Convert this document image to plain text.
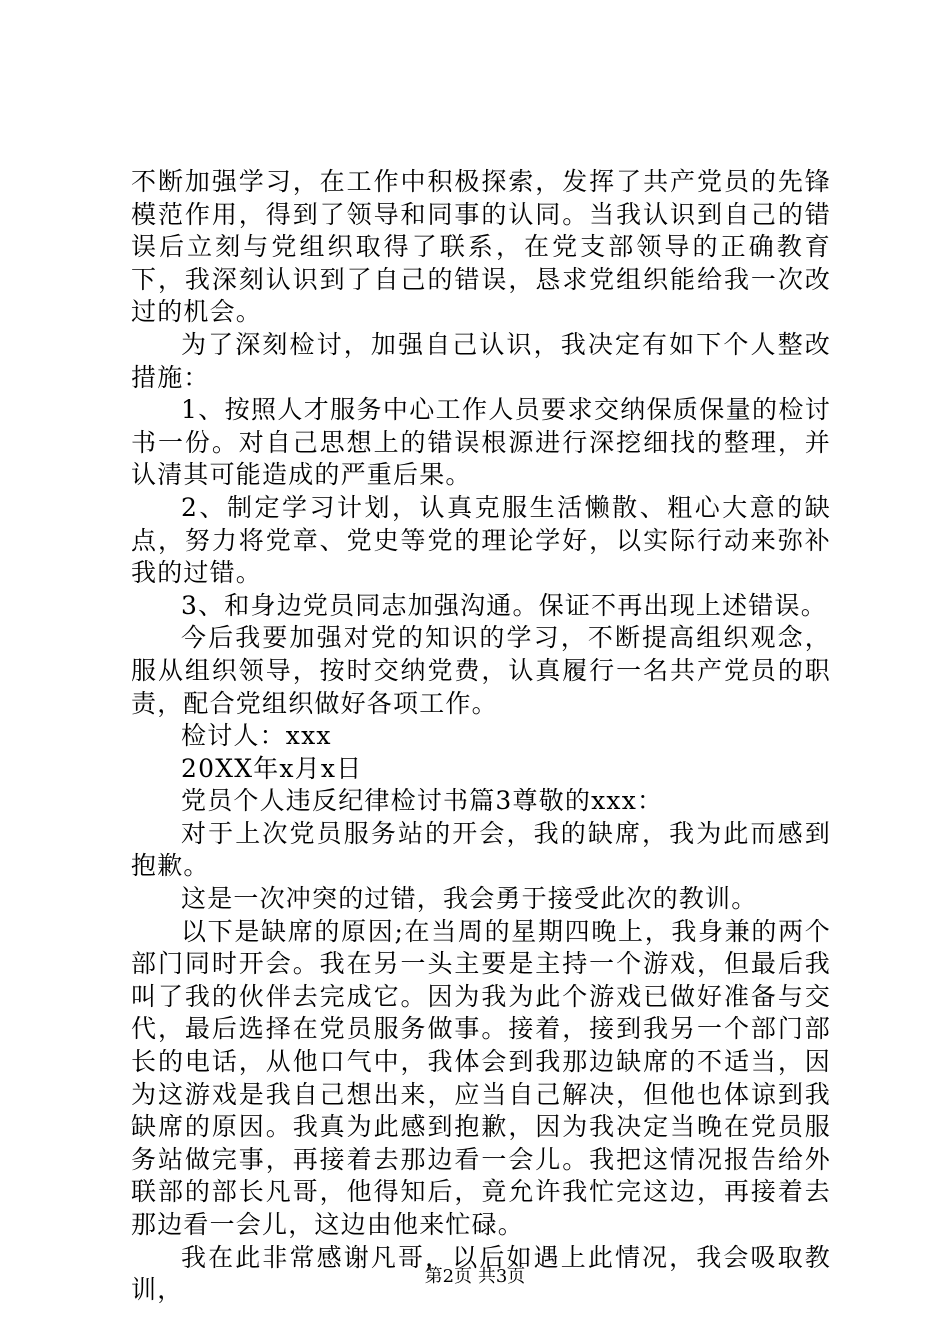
不断加强学习，在工作中积极探索，发挥了共产党员的先锋模范作用，得到了领导和同事的认同。当我认识到自己的错误后立刻与党组织取得了联系，在党支部领导的正确教育下，我深刻认识到了自己的错误，恳求党组织能给我一次改过的机会。

为了深刻检讨，加强自己认识，我决定有如下个人整改措施：

1、按照人才服务中心工作人员要求交纳保质保量的检讨书一份。对自己思想上的错误根源进行深挖细找的整理，并认清其可能造成的严重后果。

2、制定学习计划，认真克服生活懒散、粗心大意的缺点，努力将党章、党史等党的理论学好，以实际行动来弥补我的过错。

3、和身边党员同志加强沟通。保证不再出现上述错误。

今后我要加强对党的知识的学习，不断提高组织观念，服从组织领导，按时交纳党费，认真履行一名共产党员的职责，配合党组织做好各项工作。

检讨人：xxx

20XX年x月x日

党员个人违反纪律检讨书篇3尊敬的xxx：

对于上次党员服务站的开会，我的缺席，我为此而感到抱歉。

这是一次冲突的过错，我会勇于接受此次的教训。

以下是缺席的原因;在当周的星期四晚上，我身兼的两个部门同时开会。我在另一头主要是主持一个游戏，但最后我叫了我的伙伴去完成它。因为我为此个游戏已做好准备与交代，最后选择在党员服务做事。接着，接到我另一个部门部长的电话，从他口气中，我体会到我那边缺席的不适当，因为这游戏是我自己想出来，应当自己解决，但他也体谅到我缺席的原因。我真为此感到抱歉，因为我决定当晚在党员服务站做完事，再接着去那边看一会儿。我把这情况报告给外联部的部长凡哥，他得知后，竟允许我忙完这边，再接着去那边看一会儿，这边由他来忙碌。

我在此非常感谢凡哥，以后如遇上此情况，我会吸取教训，	第2页 共3页
